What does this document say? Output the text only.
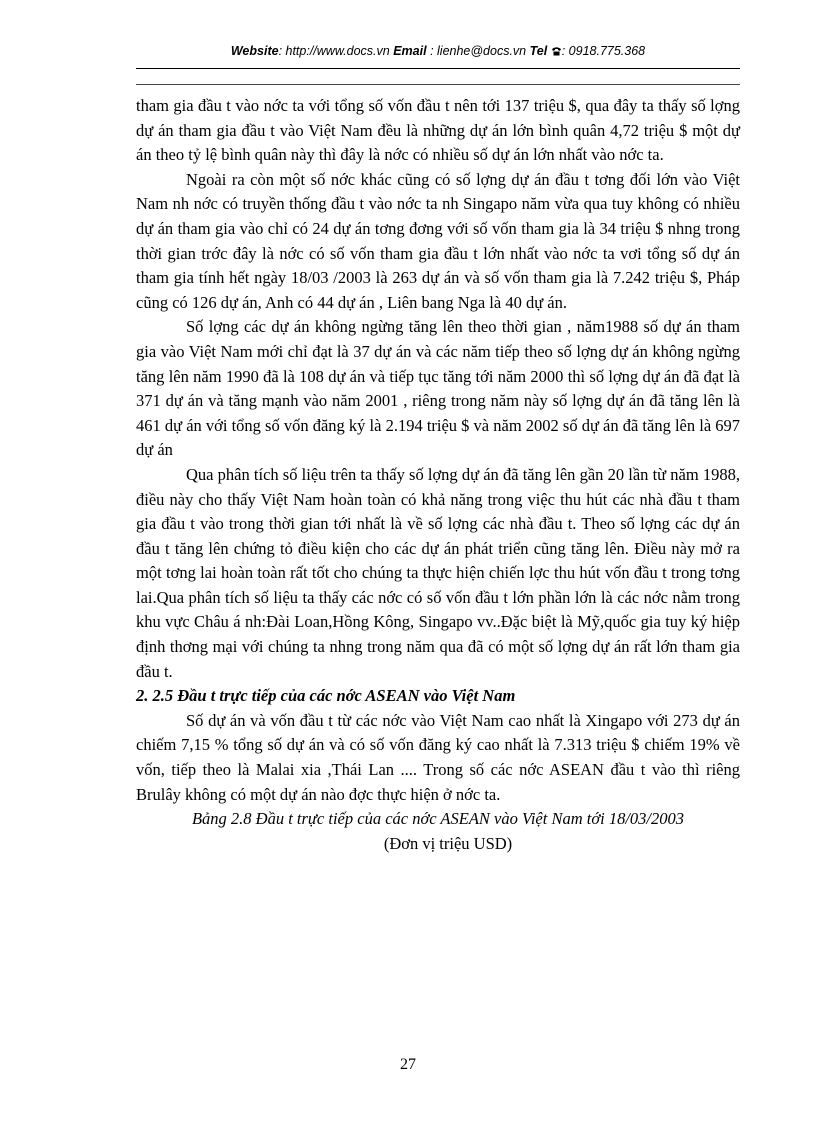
Website: http://www.docs.vn Email : lienhe@docs.vn Tel : 0918.775.368

tham gia đầu t vào nớc ta với tổng số vốn đầu t nên tới 137 triệu $, qua đây ta thấy số lợng dự án tham gia đầu t vào Việt Nam đều là những dự án lớn bình quân 4,72 triệu $ một dự án theo tỷ lệ bình quân này thì đây là nớc có nhiều số dự án lớn nhất vào nớc ta.

Ngoài ra còn một số nớc khác cũng có số lợng dự án đầu t tơng đối lớn vào Việt Nam nh nớc có truyền thống đầu t vào nớc ta nh Singapo năm vừa qua tuy không có nhiều dự án tham gia vào chỉ có 24 dự án tơng đơng với số vốn tham gia là 34 triệu $ nhng trong thời gian trớc đây là nớc có số vốn tham gia đầu t lớn nhất vào nớc ta vơi tổng số dự án tham gia tính hết ngày 18/03 /2003 là 263 dự án và số vốn tham gia là 7.242 triệu $, Pháp cũng có 126 dự án, Anh có 44 dự án , Liên bang Nga là 40 dự án.

Số lợng các dự án không ngừng tăng lên theo thời gian , năm1988 số dự án tham gia vào Việt Nam mới chỉ đạt là 37 dự án và các năm tiếp theo số lợng dự án không ngừng tăng lên năm 1990 đã là 108 dự án và tiếp tục tăng tới năm 2000 thì số lợng dự án đã đạt là 371 dự án và tăng mạnh vào năm 2001 , riêng trong năm này số lợng dự án đã tăng lên là 461 dự án với tổng số vốn đăng ký là 2.194 triệu $ và năm 2002 số dự án đã tăng lên là 697 dự án

Qua phân tích số liệu trên ta thấy số lợng dự án đã tăng lên gần 20 lần từ năm 1988, điều này cho thấy Việt Nam hoàn toàn có khả năng trong việc thu hút các nhà đầu t tham gia đầu t vào trong thời gian tới nhất là về số lợng các nhà đầu t. Theo số lợng các dự án đầu t tăng lên chứng tỏ điều kiện cho các dự án phát triển cũng tăng lên. Điều này mở ra một tơng lai hoàn toàn rất tốt cho chúng ta thực hiện chiến lợc thu hút vốn đầu t trong tơng lai.Qua phân tích số liệu ta thấy các nớc có số vốn đầu t lớn phần lớn là các nớc nằm trong khu vực Châu á nh:Đài Loan,Hồng Kông, Singapo vv..Đặc biệt là Mỹ,quốc gia tuy ký hiệp định thơng mại với chúng ta nhng trong năm qua đã có một số lợng dự án rất lớn tham gia đầu t.

2. 2.5 Đầu t trực tiếp của các nớc ASEAN vào Việt Nam

Số dự án và vốn đầu t từ các nớc vào Việt Nam cao nhất là Xingapo với 273 dự án chiếm 7,15 % tổng số dự án và có số vốn đăng ký cao nhất là 7.313 triệu $ chiếm 19% về vốn, tiếp theo là Malai xia ,Thái Lan .... Trong số các nớc ASEAN đầu t vào thì riêng Brulây không có một dự án nào đợc thực hiện ở nớc ta.

Bảng 2.8 Đầu t trực tiếp của các nớc ASEAN vào Việt Nam tới 18/03/2003

(Đơn vị triệu USD)

27
